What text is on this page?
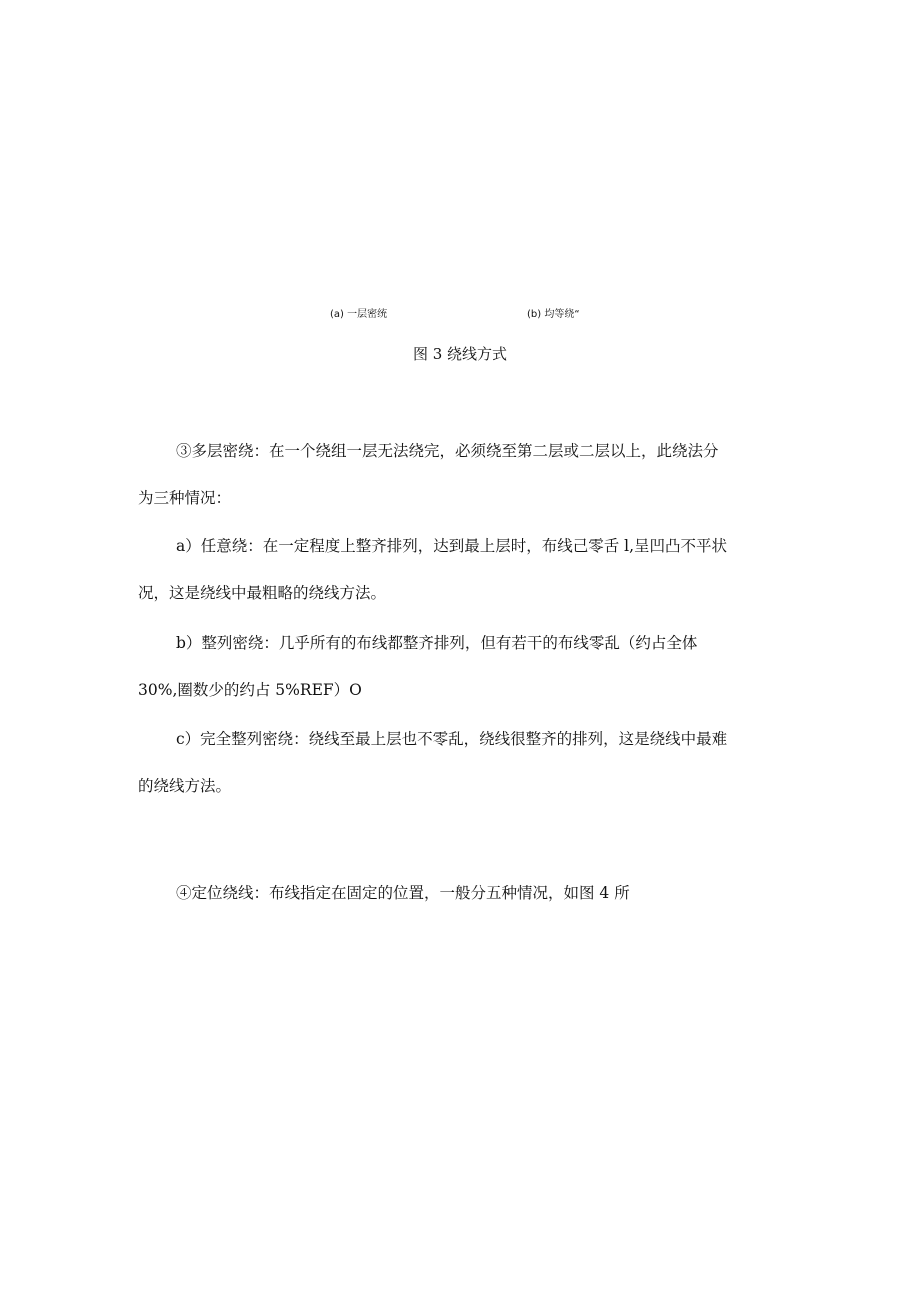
(a) 一层密统	(b) 均等绕“
图 3 绕线方式
③多层密绕：在一个绕组一层无法绕完，必须绕至第二层或二层以上，此绕法分
为三种情况：
a）任意绕：在一定程度上整齐排列，达到最上层时，布线己零舌 l,呈凹凸不平状
况，这是绕线中最粗略的绕线方法。
b）整列密绕：几乎所有的布线都整齐排列，但有若干的布线零乱（约占全体
30%,圈数少的约占 5%REF）O
c）完全整列密绕：绕线至最上层也不零乱，绕线很整齐的排列，这是绕线中最难
的绕线方法。
④定位绕线：布线指定在固定的位置，一般分五种情况，如图 4 所
